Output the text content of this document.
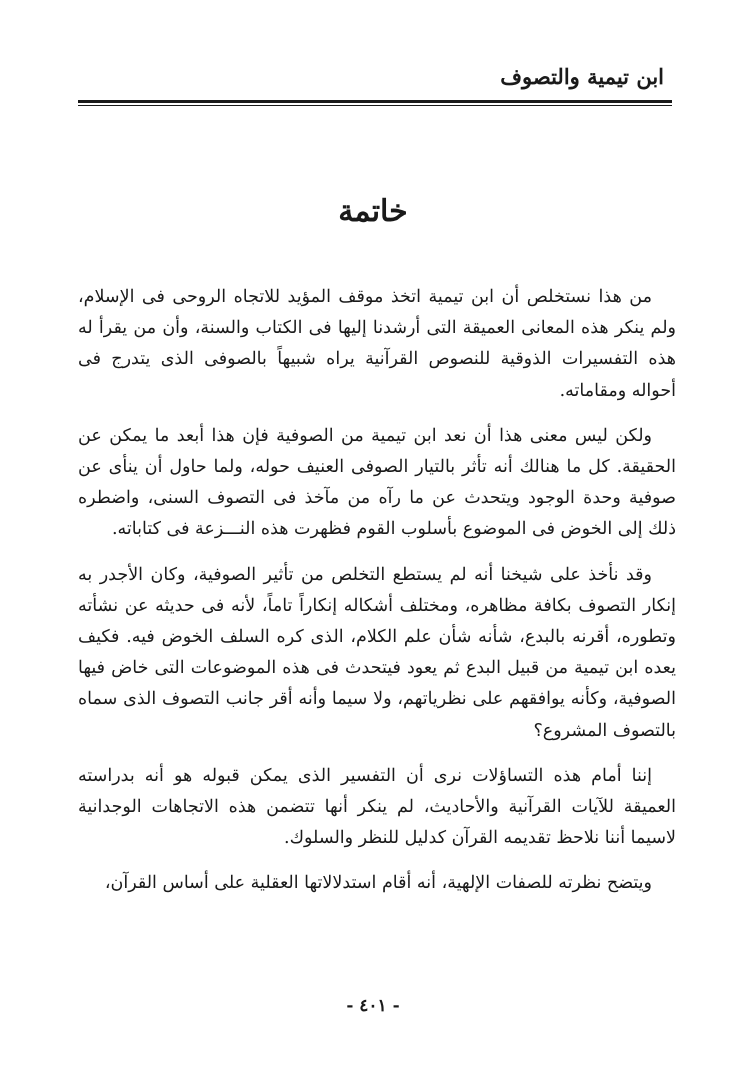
ابن تيمية والتصوف
خاتمة

من هذا نستخلص أن ابن تيمية اتخذ موقف المؤيد للاتجاه الروحى فى الإسلام، ولم ينكر هذه المعانى العميقة التى أرشدنا إليها فى الكتاب والسنة، وأن من يقرأ له هذه التفسيرات الذوقية للنصوص القرآنية يراه شبيهاً بالصوفى الذى يتدرج فى أحواله ومقاماته.

ولكن ليس معنى هذا أن نعد ابن تيمية من الصوفية فإن هذا أبعد ما يمكن عن الحقيقة. كل ما هنالك أنه تأثر بالتيار الصوفى العنيف حوله، ولما حاول أن ينأى عن صوفية وحدة الوجود ويتحدث عن ما رآه من مآخذ فى التصوف السنى، واضطره ذلك إلى الخوض فى الموضوع بأسلوب القوم فظهرت هذه النـــزعة فى كتاباته.

وقد نأخذ على شيخنا أنه لم يستطع التخلص من تأثير الصوفية، وكان الأجدر به إنكار التصوف بكافة مظاهره، ومختلف أشكاله إنكاراً تاماً، لأنه فى حديثه عن نشأته وتطوره، أقرنه بالبدع، شأنه شأن علم الكلام، الذى كره السلف الخوض فيه. فكيف يعده ابن تيمية من قبيل البدع ثم يعود فيتحدث فى هذه الموضوعات التى خاض فيها الصوفية، وكأنه يوافقهم على نظرياتهم، ولا سيما وأنه أقر جانب التصوف الذى سماه بالتصوف المشروع؟

إننا أمام هذه التساؤلات نرى أن التفسير الذى يمكن قبوله هو أنه بدراسته العميقة للآيات القرآنية والأحاديث، لم ينكر أنها تتضمن هذه الاتجاهات الوجدانية لاسيما أننا نلاحظ تقديمه القرآن كدليل للنظر والسلوك.

ويتضح نظرته للصفات الإلهية، أنه أقام استدلالاتها العقلية على أساس القرآن،

- ٤٠١ -
